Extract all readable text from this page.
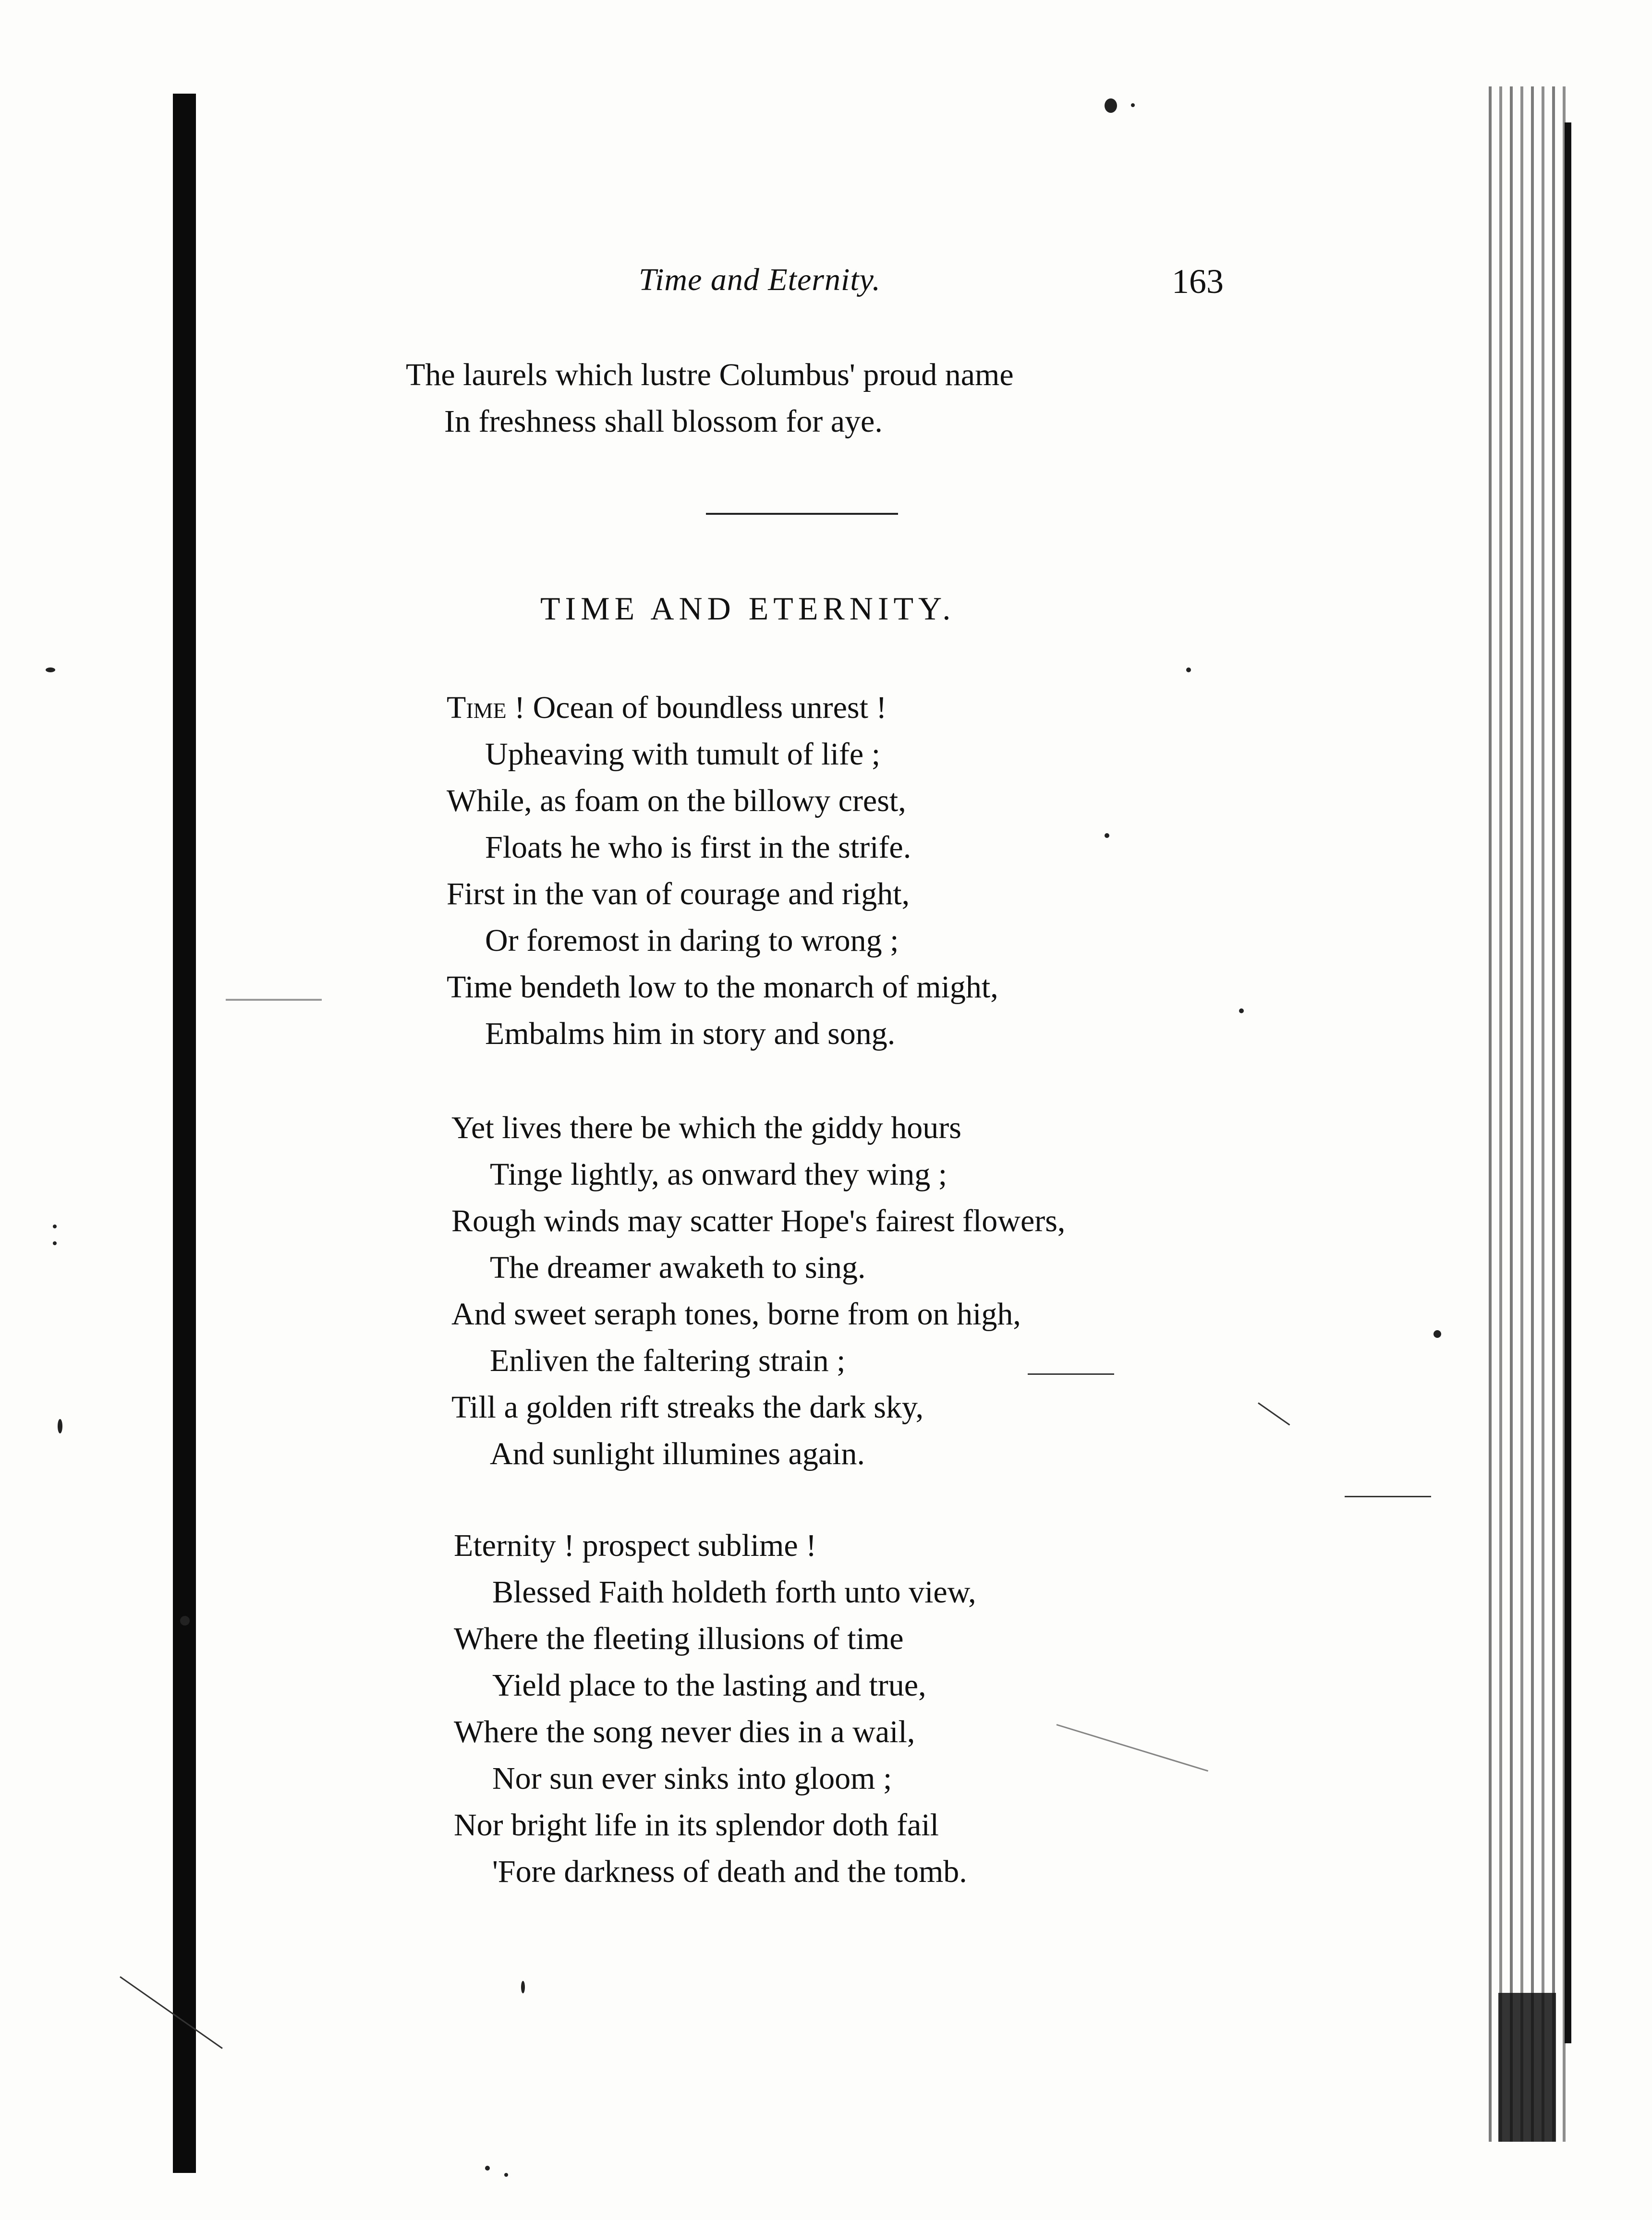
Time and Eternity.	163
The laurels which lustre Columbus' proud name
In freshness shall blossom for aye.
TIME AND ETERNITY.
Time ! Ocean of boundless unrest !
Upheaving with tumult of life ;
While, as foam on the billowy crest,
Floats he who is first in the strife.
First in the van of courage and right,
Or foremost in daring to wrong ;
Time bendeth low to the monarch of might,
Embalms him in story and song.
Yet lives there be which the giddy hours
Tinge lightly, as onward they wing ;
Rough winds may scatter Hope's fairest flowers,
The dreamer awaketh to sing.
And sweet seraph tones, borne from on high,
Enliven the faltering strain ;
Till a golden rift streaks the dark sky,
And sunlight illumines again.
Eternity ! prospect sublime !
Blessed Faith holdeth forth unto view,
Where the fleeting illusions of time
Yield place to the lasting and true,
Where the song never dies in a wail,
Nor sun ever sinks into gloom ;
Nor bright life in its splendor doth fail
'Fore darkness of death and the tomb.
